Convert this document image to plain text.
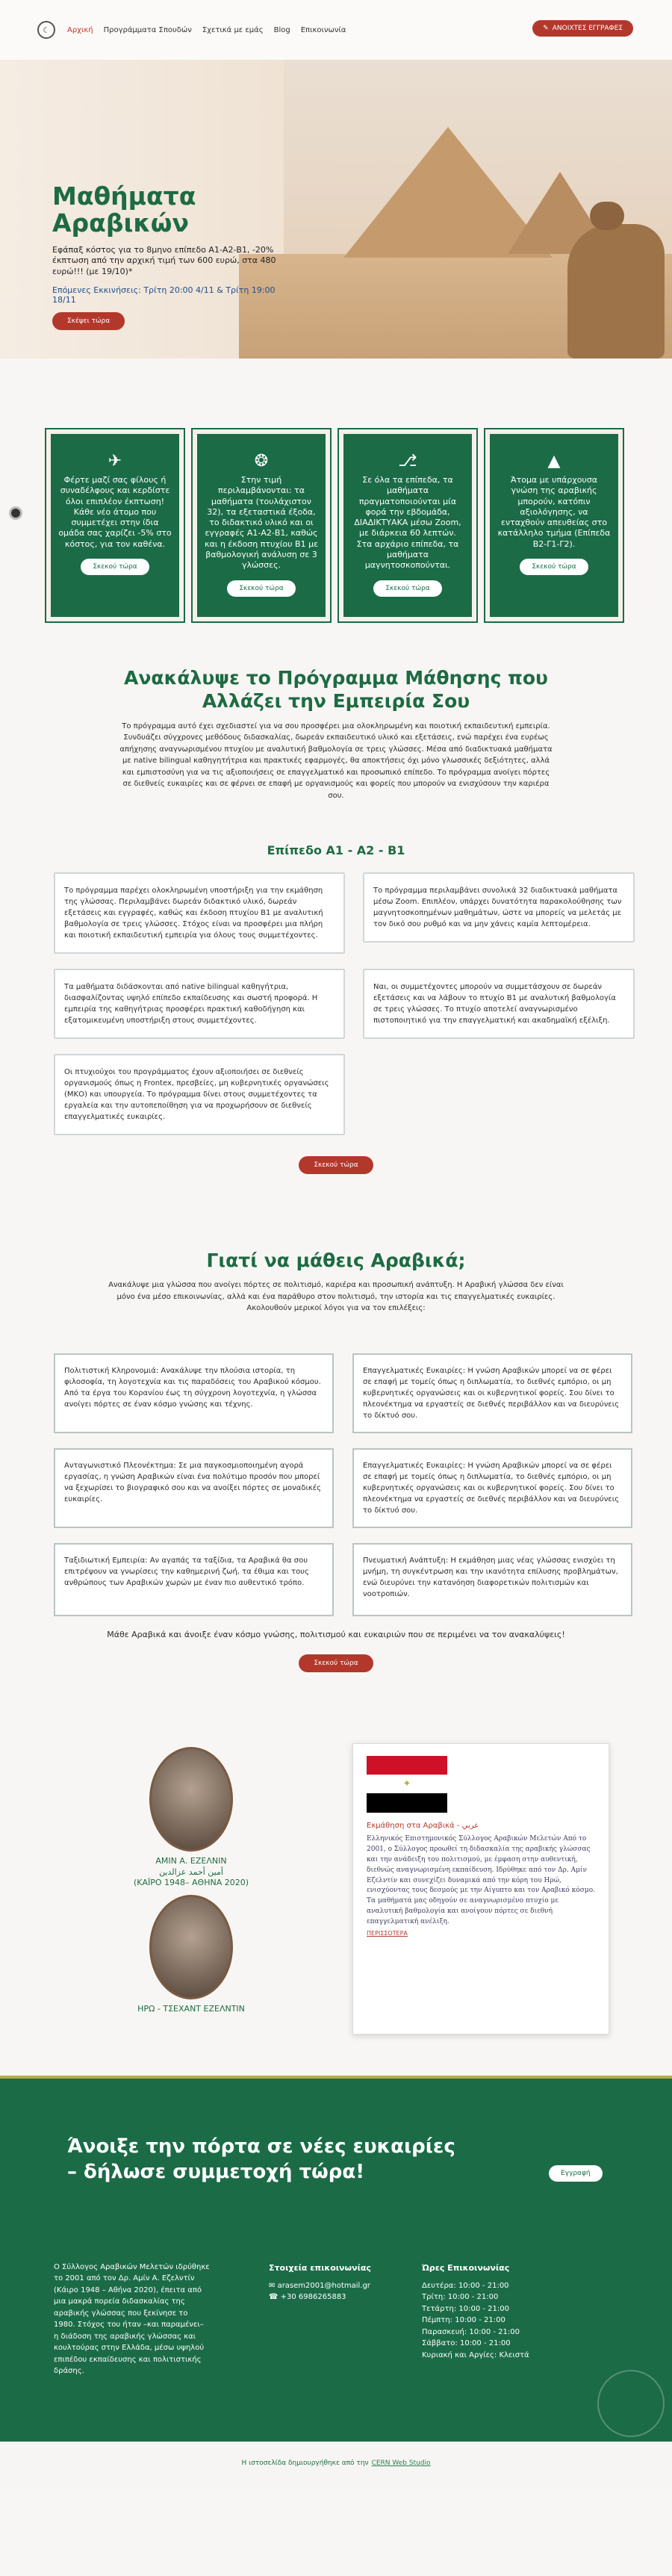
☾	Αρχική Προγράμματα Σπουδών Σχετικά με εμάς Blog Επικοινωνία	✎ ΑΝΟΙΧΤΕΣ ΕΓΓΡΑΦΕΣ
Μαθήματα Αραβικών

Εφάπαξ κόστος για το 8μηνο επίπεδο Α1-Α2-Β1, -20% έκπτωση από την αρχική τιμή των 600 ευρώ, στα 480 ευρώ!!! (με 19/10)*

Επόμενες Εκκινήσεις: Τρίτη 20:00 4/11 & Τρίτη 19:00 18/11

Σκέψει τώρα
✈

Φέρτε μαζί σας φίλους ή συναδέλφους και κερδίστε όλοι επιπλέον έκπτωση! Κάθε νέο άτομο που συμμετέχει στην ίδια ομάδα σας χαρίζει -5% στο κόστος, για τον καθένα.

Σκεκού τώρα
❂

Στην τιμή περιλαμβάνονται: τα μαθήματα (τουλάχιστον 32), τα εξεταστικά έξοδα, το διδακτικό υλικό και οι εγγραφές Α1-Α2-Β1, καθώς και η έκδοση πτυχίου Β1 με βαθμολογική ανάλυση σε 3 γλώσσες.

Σκεκού τώρα
⎇

Σε όλα τα επίπεδα, τα μαθήματα πραγματοποιούνται μία φορά την εβδομάδα, ΔΙΑΔΙΚΤΥΑΚΑ μέσω Zoom, με διάρκεια 60 λεπτών. Στα αρχάριο επίπεδα, τα μαθήματα μαγνητοσκοπούνται.

Σκεκού τώρα
▲

Άτομα με υπάρχουσα γνώση της αραβικής μπορούν, κατόπιν αξιολόγησης, να ενταχθούν απευθείας στο κατάλληλο τμήμα (Επίπεδα Β2-Γ1-Γ2).

Σκεκού τώρα
Ανακάλυψε το Πρόγραμμα Μάθησης που Αλλάζει την Εμπειρία Σου

Το πρόγραμμα αυτό έχει σχεδιαστεί για να σου προσφέρει μια ολοκληρωμένη και ποιοτική εκπαιδευτική εμπειρία. Συνδυάζει σύγχρονες μεθόδους διδασκαλίας, δωρεάν εκπαιδευτικό υλικό και εξετάσεις, ενώ παρέχει ένα ευρέως απήχησης αναγνωρισμένου πτυχίου με αναλυτική βαθμολογία σε τρεις γλώσσες. Μέσα από διαδικτυακά μαθήματα με native bilingual καθηγητήτρια και πρακτικές εφαρμογές, θα αποκτήσεις όχι μόνο γλωσσικές δεξιότητες, αλλά και εμπιστοσύνη για να τις αξιοποιήσεις σε επαγγελματικό και προσωπικό επίπεδο. Το πρόγραμμα ανοίγει πόρτες σε διεθνείς ευκαιρίες και σε φέρνει σε επαφή με οργανισμούς και φορείς που μπορούν να ενισχύσουν την καριέρα σου.

Επίπεδο Α1 - Α2 - Β1
Το πρόγραμμα παρέχει ολοκληρωμένη υποστήριξη για την εκμάθηση της γλώσσας. Περιλαμβάνει δωρεάν διδακτικό υλικό, δωρεάν εξετάσεις και εγγραφές, καθώς και έκδοση πτυχίου Β1 με αναλυτική βαθμολογία σε τρεις γλώσσες. Στόχος είναι να προσφέρει μια πλήρη και ποιοτική εκπαιδευτική εμπειρία για όλους τους συμμετέχοντες.
Το πρόγραμμα περιλαμβάνει συνολικά 32 διαδικτυακά μαθήματα μέσω Zoom. Επιπλέον, υπάρχει δυνατότητα παρακολούθησης των μαγνητοσκοπημένων μαθημάτων, ώστε να μπορείς να μελετάς με τον δικό σου ρυθμό και να μην χάνεις καμία λεπτομέρεια.
Τα μαθήματα διδάσκονται από native bilingual καθηγήτρια, διασφαλίζοντας υψηλό επίπεδο εκπαίδευσης και σωστή προφορά. Η εμπειρία της καθηγήτριας προσφέρει πρακτική καθοδήγηση και εξατομικευμένη υποστήριξη στους συμμετέχοντες.
Ναι, οι συμμετέχοντες μπορούν να συμμετάσχουν σε δωρεάν εξετάσεις και να λάβουν το πτυχίο Β1 με αναλυτική βαθμολογία σε τρεις γλώσσες. Το πτυχίο αποτελεί αναγνωρισμένο πιστοποιητικό για την επαγγελματική και ακαδημαϊκή εξέλιξη.
Οι πτυχιούχοι του προγράμματος έχουν αξιοποιήσει σε διεθνείς οργανισμούς όπως η Frontex, πρεσβείες, μη κυβερνητικές οργανώσεις (ΜΚΟ) και υπουργεία. Το πρόγραμμα δίνει στους συμμετέχοντες τα εργαλεία και την αυτοπεποίθηση για να προχωρήσουν σε διεθνείς επαγγελματικές ευκαιρίες.
Σκεκού τώρα
Γιατί να μάθεις Αραβικά;

Ανακάλυψε μια γλώσσα που ανοίγει πόρτες σε πολιτισμό, καριέρα και προσωπική ανάπτυξη. Η Αραβική γλώσσα δεν είναι μόνο ένα μέσο επικοινωνίας, αλλά και ένα παράθυρο στον πολιτισμό, την ιστορία και τις επαγγελματικές ευκαιρίες. Ακολουθούν μερικοί λόγοι για να τον επιλέξεις:

Πολιτιστική Κληρονομιά: Ανακάλυψε την πλούσια ιστορία, τη φιλοσοφία, τη λογοτεχνία και τις παραδόσεις του Αραβικού κόσμου. Από τα έργα του Κορανίου έως τη σύγχρονη λογοτεχνία, η γλώσσα ανοίγει πόρτες σε έναν κόσμο γνώσης και τέχνης.
Επαγγελματικές Ευκαιρίες: Η γνώση Αραβικών μπορεί να σε φέρει σε επαφή με τομείς όπως η διπλωματία, το διεθνές εμπόριο, οι μη κυβερνητικές οργανώσεις και οι κυβερνητικοί φορείς. Σου δίνει το πλεονέκτημα να εργαστείς σε διεθνές περιβάλλον και να διευρύνεις το δίκτυό σου.
Ανταγωνιστικό Πλεονέκτημα: Σε μια παγκοσμιοποιημένη αγορά εργασίας, η γνώση Αραβικών είναι ένα πολύτιμο προσόν που μπορεί να ξεχωρίσει το βιογραφικό σου και να ανοίξει πόρτες σε μοναδικές ευκαιρίες.
Επαγγελματικές Ευκαιρίες: Η γνώση Αραβικών μπορεί να σε φέρει σε επαφή με τομείς όπως η διπλωματία, το διεθνές εμπόριο, οι μη κυβερνητικές οργανώσεις και οι κυβερνητικοί φορείς. Σου δίνει το πλεονέκτημα να εργαστείς σε διεθνές περιβάλλον και να διευρύνεις το δίκτυό σου.
Ταξιδιωτική Εμπειρία: Αν αγαπάς τα ταξίδια, τα Αραβικά θα σου επιτρέψουν να γνωρίσεις την καθημερινή ζωή, τα έθιμα και τους ανθρώπους των Αραβικών χωρών με έναν πιο αυθεντικό τρόπο.
Πνευματική Ανάπτυξη: Η εκμάθηση μιας νέας γλώσσας ενισχύει τη μνήμη, τη συγκέντρωση και την ικανότητα επίλυσης προβλημάτων, ενώ διευρύνει την κατανόηση διαφορετικών πολιτισμών και νοοτροπιών.

Μάθε Αραβικά και άνοιξε έναν κόσμο γνώσης, πολιτισμού και ευκαιριών που σε περιμένει να τον ανακαλύψεις!

Σκεκού τώρα
ΑΜΙΝ Α. ΕΖΕΛΝΙΝ
أمين أحمد عزالدين
(ΚΑΪΡΟ 1948– ΑΘΗΝΑ 2020)
ΗΡΩ - ΤΣΕΧΑΝΤ ΕΖΕΛΝΤΙΝ
✦
Εκμάθηση στα Αραβικά - عربي

Ελληνικός Επιστημονικός Σύλλογος Αραβικών Μελετών Από το 2001, ο Σύλλογος προωθεί τη διδασκαλία της αραβικής γλώσσας και την ανάδειξη του πολιτισμού, με έμφαση στην αυθεντική, διεθνώς αναγνωρισμένη εκπαίδευση. Ιδρύθηκε από τον Δρ. Αμίν Εζελντίν και συνεχίζει δυναμικά από την κόρη του Ηρώ, ενισχύοντας τους δεσμούς με την Αίγυπτο και τον Αραβικό κόσμο. Τα μαθήματά μας οδηγούν σε αναγνωρισμένο πτυχίο με αναλυτική βαθμολογία και ανοίγουν πόρτες σε διεθνή επαγγελματική ανέλιξη.

ΠΕΡΙΣΣΟΤΕΡΑ
Άνοιξε την πόρτα σε νέες ευκαιρίες – δήλωσε συμμετοχή τώρα!	Εγγραφή

Ο Σύλλογος Αραβικών Μελετών ιδρύθηκε το 2001 από τον Δρ. Αμίν Α. Εζελντίν (Κάιρο 1948 – Αθήνα 2020), έπειτα από μια μακρά πορεία διδασκαλίας της αραβικής γλώσσας που ξεκίνησε το 1980. Στόχος του ήταν –και παραμένει– η διάδοση της αραβικής γλώσσας και κουλτούρας στην Ελλάδα, μέσω υψηλού επιπέδου εκπαίδευσης και πολιτιστικής δράσης.

Στοιχεία επικοινωνίας
✉ arasem2001@hotmail.gr
☎ +30 6986265883
Ώρες Επικοινωνίας
Δευτέρα: 10:00 - 21:00
Τρίτη: 10:00 - 21:00
Τετάρτη: 10:00 - 21:00
Πέμπτη: 10:00 - 21:00
Παρασκευή: 10:00 - 21:00
Σάββατο: 10:00 - 21:00
Κυριακή και Αργίες: Κλειστά
Η ιστοσελίδα δημιουργήθηκε από την CERN Web Studio
